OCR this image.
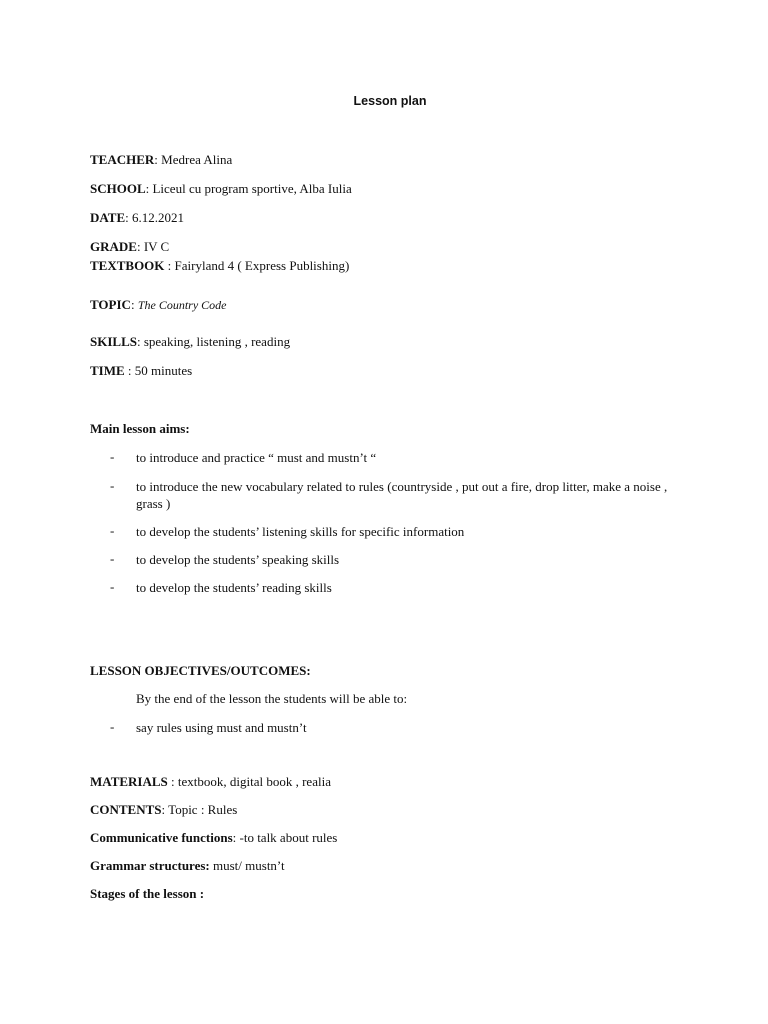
Lesson plan
TEACHER: Medrea Alina
SCHOOL: Liceul cu program sportive, Alba Iulia
DATE: 6.12.2021
GRADE: IV C
TEXTBOOK : Fairyland 4 ( Express Publishing)
TOPIC: The Country Code
SKILLS: speaking, listening , reading
TIME : 50 minutes
Main lesson aims:
- to introduce and practice “ must and mustn’t “
- to introduce the new vocabulary related to rules (countryside , put out a fire, drop litter, make a noise , grass )
- to develop the students’ listening skills for specific information
- to develop the students’ speaking skills
- to develop the students’ reading skills
LESSON OBJECTIVES/OUTCOMES:
By the end of the lesson the students will be able to:
- say rules using must and mustn’t
MATERIALS : textbook, digital book , realia
CONTENTS: Topic : Rules
Communicative functions: -to talk about rules
Grammar structures: must/ mustn’t
Stages of the lesson :
